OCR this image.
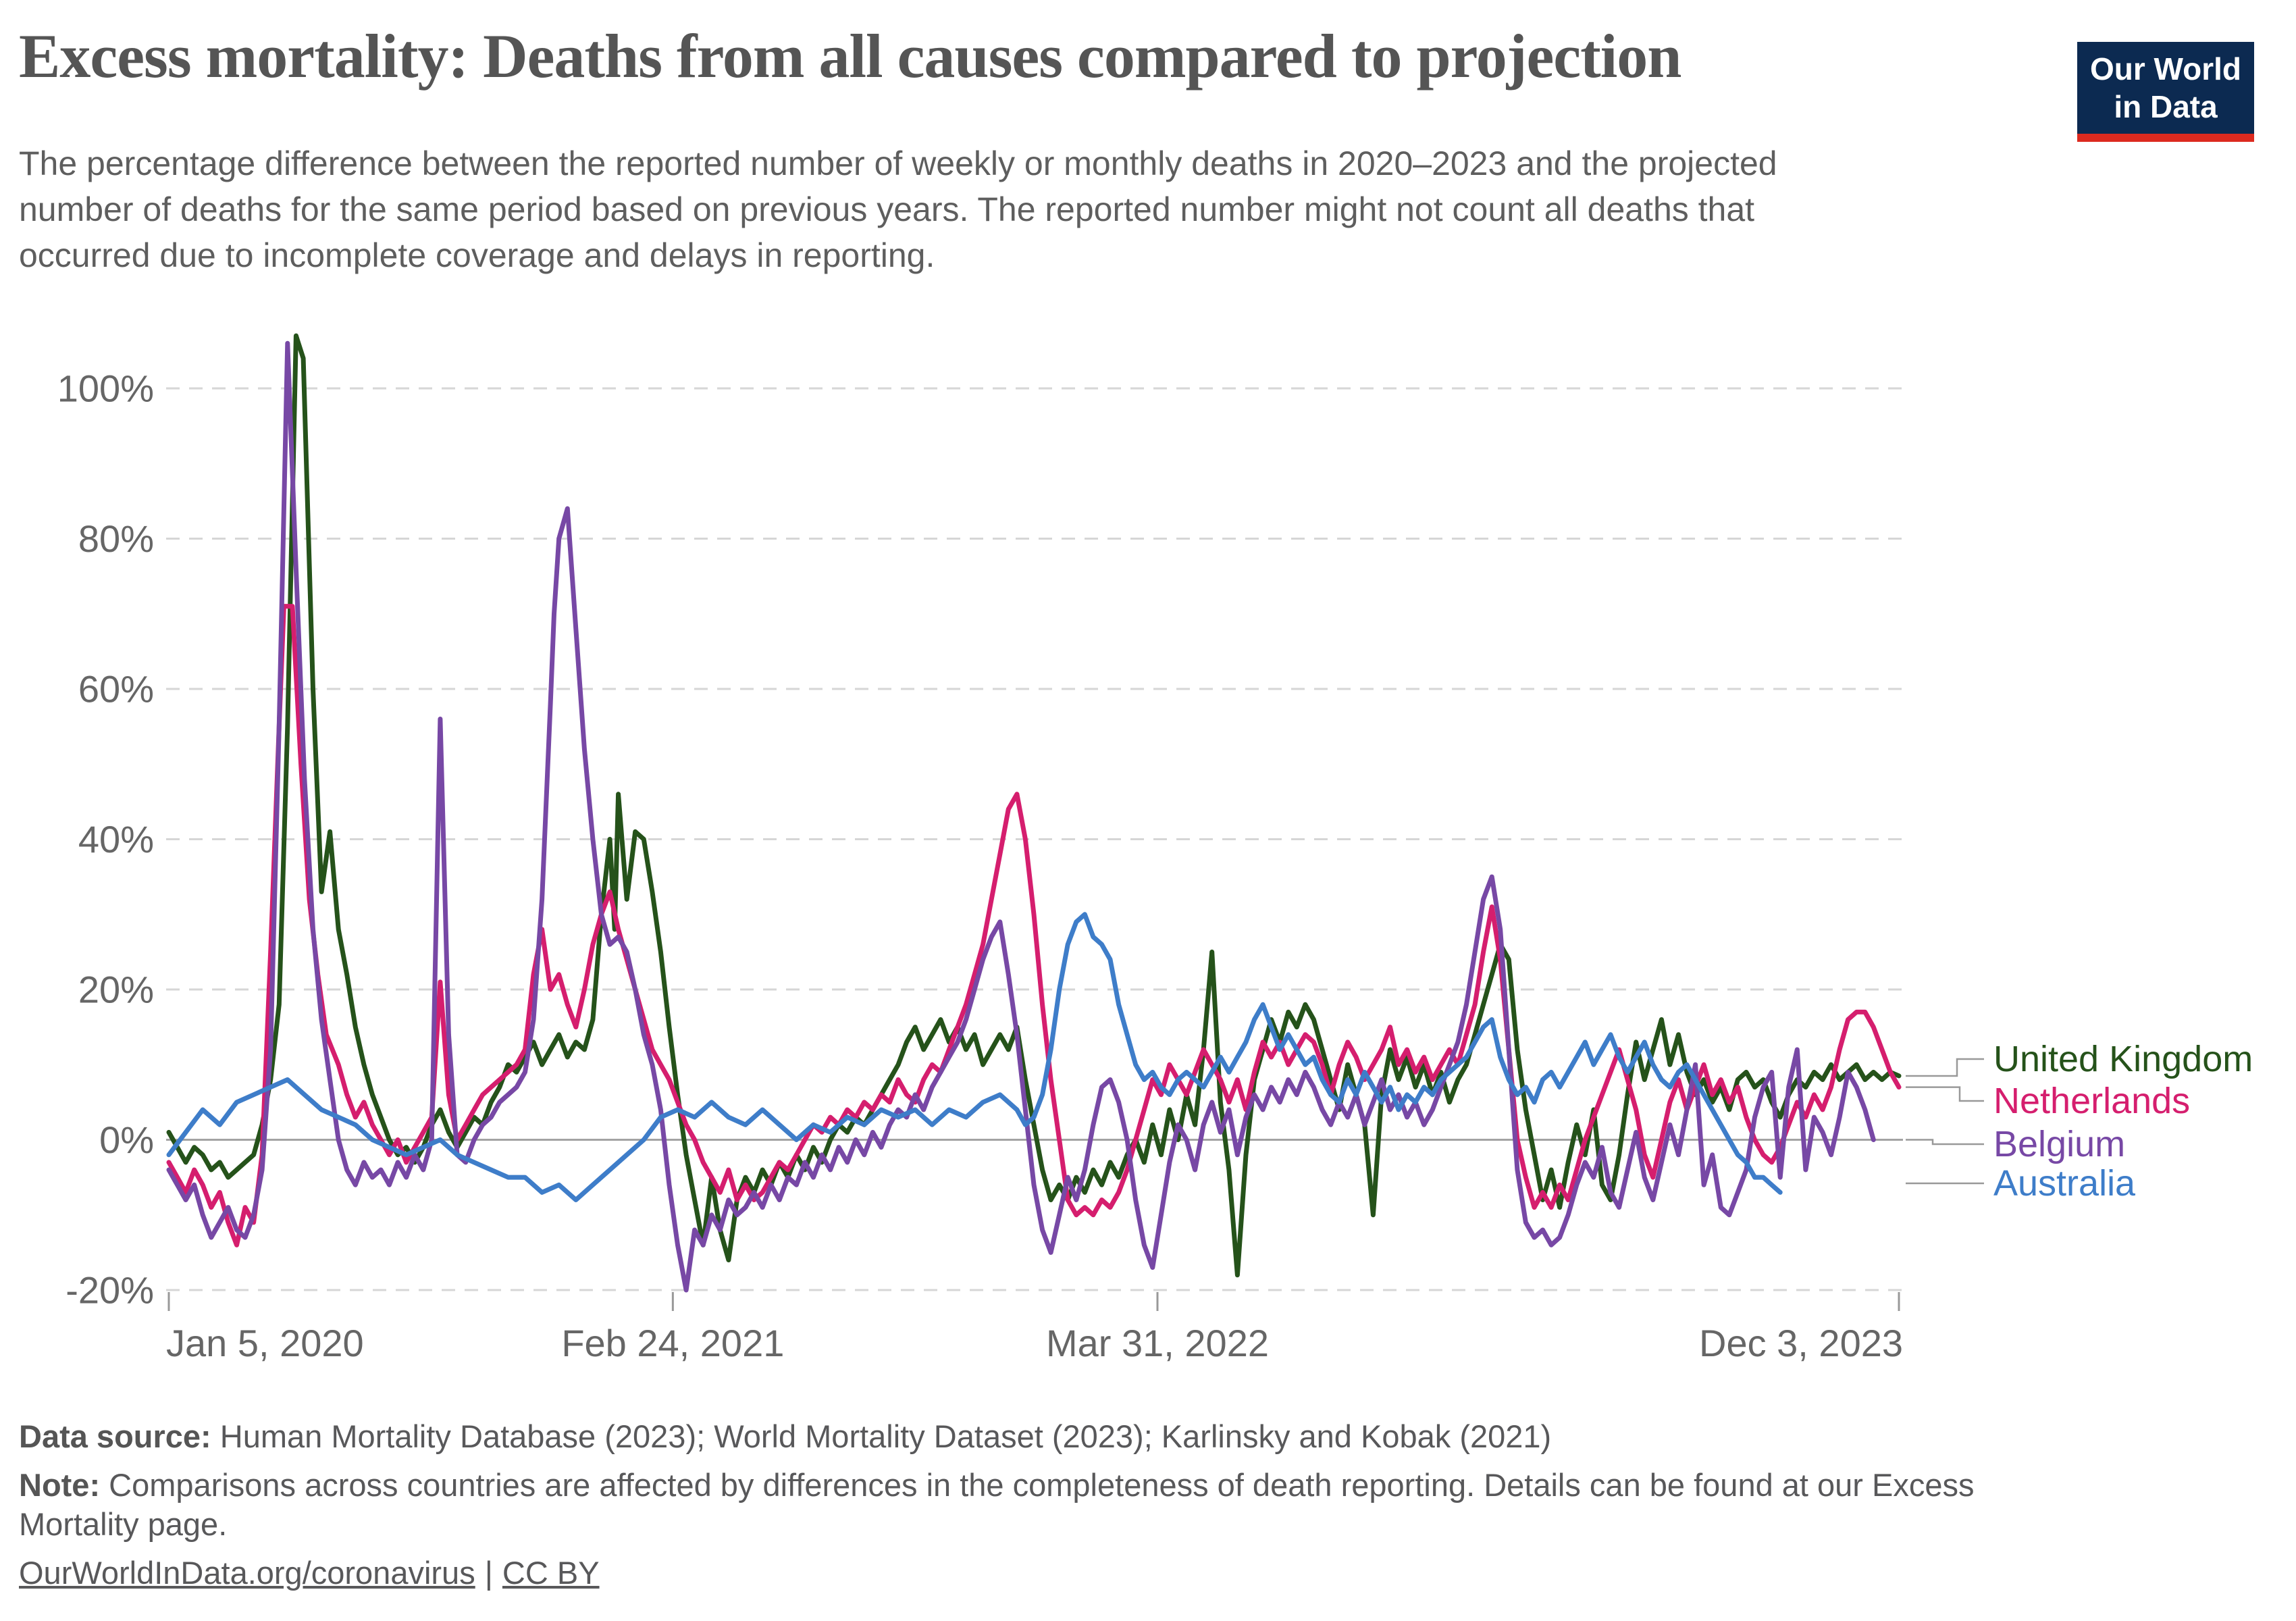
Excess mortality: Deaths from all causes compared to projection	Our World
in Data
The percentage difference between the reported number of weekly or monthly deaths in 2020–2023 and the projected
number of deaths for the same period based on previous years. The reported number might not count all deaths that
occurred due to incomplete coverage and delays in reporting.
-20%
0%
20%
40%
60%
80%
100%
Jan 5, 2020	Feb 24, 2021	Mar 31, 2022	Dec 3, 2023
United Kingdom
Netherlands
Belgium
Australia
Data source: Human Mortality Database (2023); World Mortality Dataset (2023); Karlinsky and Kobak (2021)
Note: Comparisons across countries are affected by differences in the completeness of death reporting. Details can be found at our Excess
Mortality page.
OurWorldInData.org/coronavirus | CC BY
